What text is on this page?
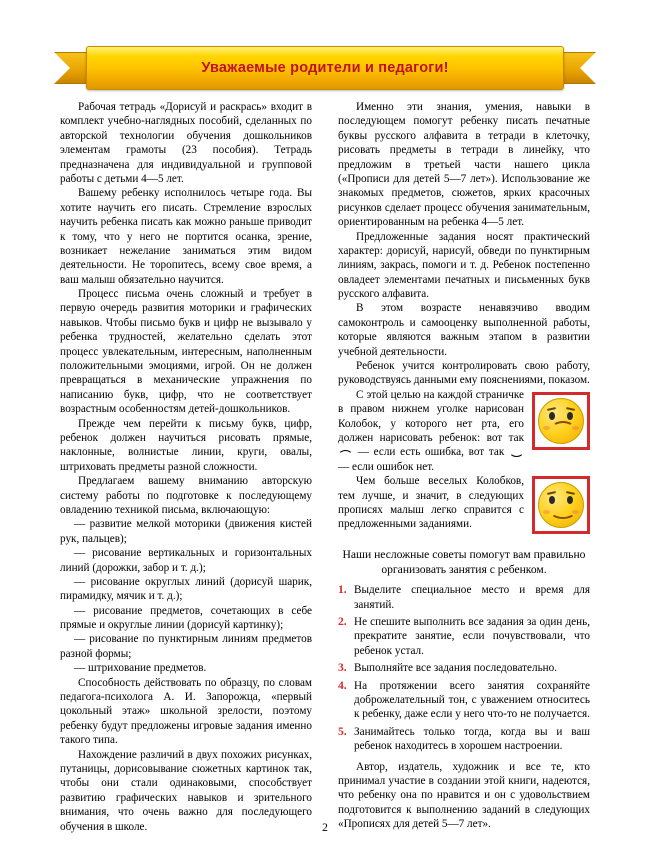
Уважаемые родители и педагоги!

Рабочая тетрадь «Дорисуй и раскрась» входит в комплект учебно-наглядных пособий, сделанных по авторской технологии обучения дошкольников элементам грамоты (23 пособия). Тетрадь предназначена для индивидуальной и групповой работы с детьми 4—5 лет.

Вашему ребенку исполнилось четыре года. Вы хотите научить его писать. Стремление взрослых научить ребенка писать как можно раньше приводит к тому, что у него не портится осанка, зрение, возникает нежелание заниматься этим видом деятельности. Не торопитесь, всему свое время, а ваш малыш обязательно научится.

Процесс письма очень сложный и требует в первую очередь развития моторики и графических навыков. Чтобы письмо букв и цифр не вызывало у ребенка трудностей, желательно сделать этот процесс увлекательным, интересным, наполненным положительными эмоциями, игрой. Он не должен превращаться в механические упражнения по написанию букв, цифр, что не соответствует возрастным особенностям детей-дошкольников.

Прежде чем перейти к письму букв, цифр, ребенок должен научиться рисовать прямые, наклонные, волнистые линии, круги, овалы, штриховать предметы разной сложности.

Предлагаем вашему вниманию авторскую систему работы по подготовке к последующему овладению техникой письма, включающую:

— развитие мелкой моторики (движения кистей рук, пальцев);

— рисование вертикальных и горизонтальных линий (дорожки, забор и т. д.);

— рисование округлых линий (дорисуй шарик, пирамидку, мячик и т. д.);

— рисование предметов, сочетающих в себе прямые и округлые линии (дорисуй картинку);

— рисование по пунктирным линиям предметов разной формы;

— штрихование предметов.

Способность действовать по образцу, по словам педагога-психолога А. И. Запорожца, «первый цокольный этаж» школьной зрелости, поэтому ребенку будут предложены игровые задания именно такого типа.

Нахождение различий в двух похожих рисунках, путаницы, дорисовывание сюжетных картинок так, чтобы они стали одинаковыми, способствует развитию графических навыков и зрительного внимания, что очень важно для последующего обучения в школе.

Именно эти знания, умения, навыки в последующем помогут ребенку писать печатные буквы русского алфавита в тетради в клеточку, рисовать предметы в тетради в линейку, что предложим в третьей части нашего цикла («Прописи для детей 5—7 лет»). Использование же знакомых предметов, сюжетов, ярких красочных рисунков сделает процесс обучения занимательным, ориентированным на ребенка 4—5 лет.

Предложенные задания носят практический характер: дорисуй, нарисуй, обведи по пунктирным линиям, закрась, помоги и т. д. Ребенок постепенно овладеет элементами печатных и письменных букв русского алфавита.

В этом возрасте ненавязчиво вводим самоконтроль и самооценку выполненной работы, которые являются важным этапом в развитии учебной деятельности.

Ребенок учится контролировать свою работу, руководствуясь данными ему пояснениями, показом.

С этой целью на каждой страничке в правом нижнем уголке нарисован Колобок, у которого нет рта, его должен нарисовать ребенок: вот так  — если есть ошибка, вот так  — если ошибок нет.

Чем больше веселых Колобков, тем лучше, и значит, в следующих прописях малыш легко справится с предложенными заданиями.

Наши несложные советы помогут вам правильно организовать занятия с ребенком.
1. Выделите специальное место и время для занятий.
2. Не спешите выполнить все задания за один день, прекратите занятие, если почувствовали, что ребенок устал.
3. Выполняйте все задания последовательно.
4. На протяжении всего занятия сохраняйте доброжелательный тон, с уважением относитесь к ребенку, даже если у него что-то не получается.
5. Занимайтесь только тогда, когда вы и ваш ребенок находитесь в хорошем настроении.

Автор, издатель, художник и все те, кто принимал участие в создании этой книги, надеются, что ребенку она по нравится и он с удовольствием подготовится к выполнению заданий в следующих «Прописях для детей 5—7 лет».

2
